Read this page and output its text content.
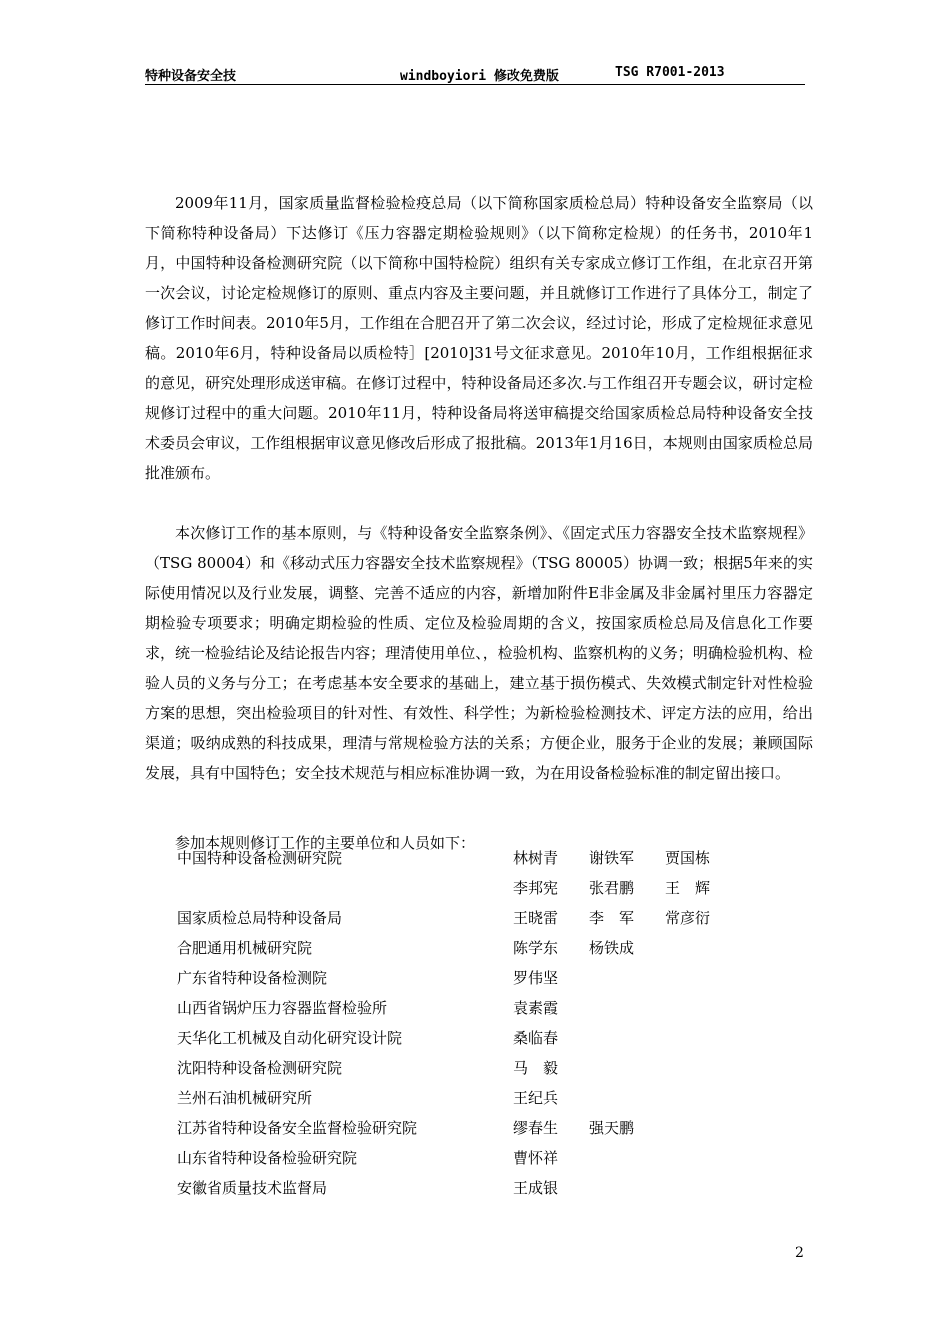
特种设备安全技	windboyiori 修改免费版	TSG R7001-2013

2009年11月，国家质量监督检验检疫总局（以下简称国家质检总局）特种设备安全监察局（以下简称特种设备局）下达修订《压力容器定期检验规则》（以下简称定检规）的任务书，2010年1月，中国特种设备检测研究院（以下简称中国特检院）组织有关专家成立修订工作组，在北京召开第一次会议，讨论定检规修订的原则、重点内容及主要问题，并且就修订工作进行了具体分工，制定了修订工作时间表。2010年5月，工作组在合肥召开了第二次会议，经过讨论，形成了定检规征求意见稿。2010年6月，特种设备局以质检特］[2010]31号文征求意见。2010年10月，工作组根据征求的意见，研究处理形成送审稿。在修订过程中，特种设备局还多次.与工作组召开专题会议，研讨定检规修订过程中的重大问题。2010年11月，特种设备局将送审稿提交给国家质检总局特种设备安全技术委员会审议，工作组根据审议意见修改后形成了报批稿。2013年1月16日，本规则由国家质检总局批准颁布。

本次修订工作的基本原则，与《特种设备安全监察条例》、《固定式压力容器安全技术监察规程》（TSG 80004）和《移动式压力容器安全技术监察规程》（TSG 80005）协调一致；根据5年来的实际使用情况以及行业发展，调整、完善不适应的内容，新增加附件E非金属及非金属衬里压力容器定期检验专项要求；明确定期检验的性质、定位及检验周期的含义，按国家质检总局及信息化工作要求，统一检验结论及结论报告内容；理清使用单位、，检验机构、监察机构的义务；明确检验机构、检验人员的义务与分工；在考虑基本安全要求的基础上，建立基于损伤模式、失效模式制定针对性检验方案的思想，突出检验项目的针对性、有效性、科学性；为新检验检测技术、评定方法的应用，给出渠道；吸纳成熟的科技成果，理清与常规检验方法的关系；方便企业，服务于企业的发展；兼顾国际发展，具有中国特色；安全技术规范与相应标准协调一致，为在用设备检验标准的制定留出接口。

参加本规则修订工作的主要单位和人员如下：

中国特种设备检测研究院	林树青 谢铁军 贾国栋
李邦宪 张君鹏 王　辉
国家质检总局特种设备局	王晓雷 李　军 常彦衍
合肥通用机械研究院	陈学东 杨铁成
广东省特种设备检测院	罗伟坚
山西省锅炉压力容器监督检验所	袁素霞
天华化工机械及自动化研究设计院	桑临春
沈阳特种设备检测研究院	马　毅
兰州石油机械研究所	王纪兵
江苏省特种设备安全监督检验研究院	缪春生 强天鹏
山东省特种设备检验研究院	曹怀祥
安徽省质量技术监督局	王成银
2
